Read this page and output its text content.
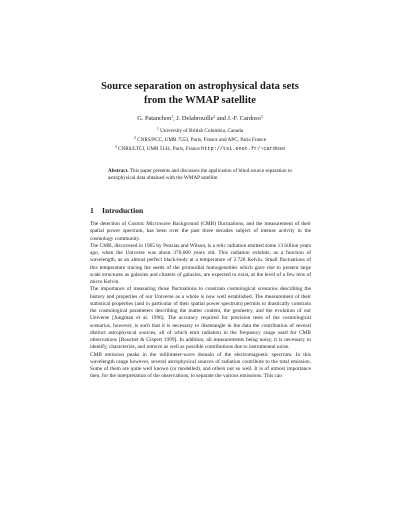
Source separation on astrophysical data sets
from the WMAP satellite
G. Patanchon$^1$, J. Delabrouille$^2$ and J.-F. Cardoso$^3$
$^1$ University of British Columbia, Canada
$^2$ CNRS/PCC, UMR 7553, Paris, France and APC, Paris France
$^3$ CNRS/LTCI, UMR 5141, Paris, France http://tsi.enst.fr/~cardoso
Abstract. This paper presents and discusses the application of blind source separation to astrophysical data obtained with the WMAP satellite.
1 Introduction

The detection of Cosmic Microwave Background (CMB) fluctuations, and the measurement of their spatial power spectrum, has been over the past three decades subject of intense activity in the cosmology community.

The CMB, discovered in 1965 by Penzias and Wilson, is a relic radiation emitted some 13 billion years ago, when the Universe was about 370,000 years old. This radiation exhibits, as a function of wavelength, as an almost perfect black-body at a temperature of 2.726 Kelvin. Small fluctuations of this temperature tracing the seeds of the primordial homogeneities which gave rise to present large scale structures as galaxies and clusters of galaxies, are expected to exist, at the level of a few tens of micro Kelvin.

The importance of measuring those fluctuations to constrain cosmological scenarios describing the history and properties of our Universe as a whole is now well established. The measurement of their statistical properties (and in particular of their spatial power spectrum) permits to drastically constrain the cosmological parameters describing the matter content, the geometry, and the evolution of our Universe [Jungman et al. 1996]. The accuracy required for precision tests of the cosmological scenarios, however, is such that it is necessary to disentangle in the data the contribution of several distinct astrophysical sources, all of which emit radiation in the frequency range used for CMB observations [Bouchet & Gispert 1999]. In addition, all measurements being noisy, it is necessary to identify, characterize, and remove as well as possible contributions due to instrumental noise.

CMB emission peaks in the millimeter-wave domain of the electromagnetic spectrum. In this wavelength range however, several astrophysical sources of radiation contribute to the total emission. Some of them are quite well known (or modelled), and others not so well. It is of utmost importance then, for the interpretation of the observations, to separate the various emissions. This can
